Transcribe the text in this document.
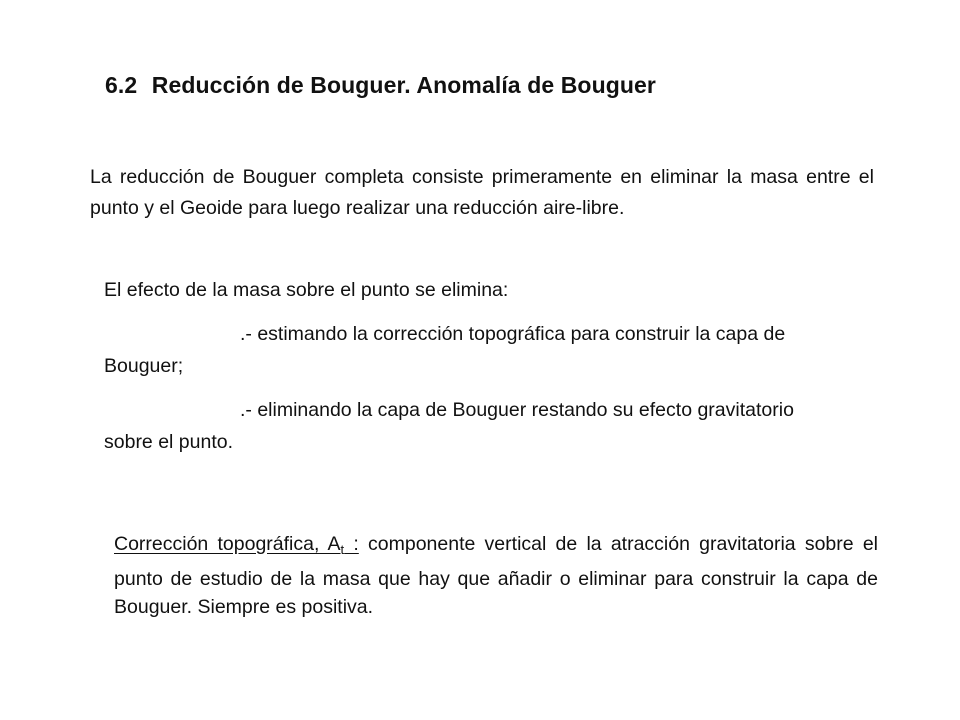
6.2 Reducción de Bouguer. Anomalía de Bouguer
La reducción de Bouguer completa consiste primeramente en eliminar la masa entre el punto y el Geoide para luego realizar una reducción aire-libre.

El efecto de la masa sobre el punto se elimina:

.- estimando la corrección topográfica para construir la capa de Bouguer;

.- eliminando la capa de Bouguer restando su efecto gravitatorio sobre el punto.

Corrección topográfica, $A_t$ : componente vertical de la atracción gravitatoria sobre el punto de estudio de la masa que hay que añadir o eliminar para construir la capa de Bouguer. Siempre es positiva.
